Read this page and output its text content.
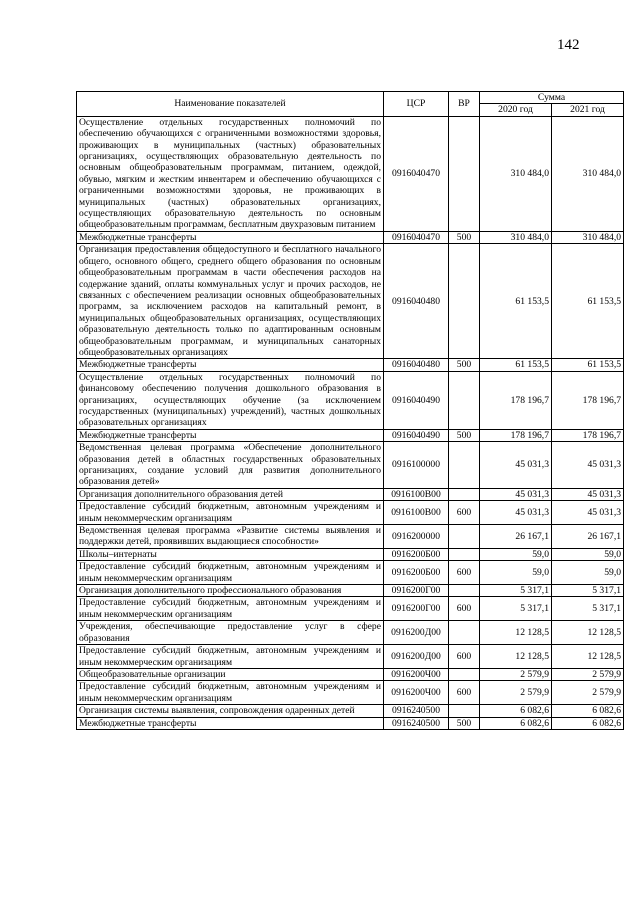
142
Наименование показателей	ЦСР	ВР	Сумма	
			2020 год	2021 год
Осуществление отдельных государственных полномочий по обеспечению обучающихся с ограниченными возможностями здоровья, проживающих в муниципальных (частных) образовательных организациях, осуществляющих образовательную деятельность по основным общеобразовательным программам, питанием, одеждой, обувью, мягким и жестким инвентарем и обеспечению обучающихся с ограниченными возможностями здоровья, не проживающих в муниципальных (частных) образовательных организациях, осуществляющих образовательную деятельность по основным общеобразовательным программам, бесплатным двухразовым питанием	0916040470		310 484,0	310 484,0
Межбюджетные трансферты	0916040470	500	310 484,0	310 484,0
Организация предоставления общедоступного и бесплатного начального общего, основного общего, среднего общего образования по основным общеобразовательным программам в части обеспечения расходов на содержание зданий, оплаты коммунальных услуг и прочих расходов, не связанных с обеспечением реализации основных общеобразовательных программ, за исключением расходов на капитальный ремонт, в муниципальных общеобразовательных организациях, осуществляющих образовательную деятельность только по адаптированным основным общеобразовательным программам, и муниципальных санаторных общеобразовательных организациях	0916040480		61 153,5	61 153,5
Межбюджетные трансферты	0916040480	500	61 153,5	61 153,5
Осуществление отдельных государственных полномочий по финансовому обеспечению получения дошкольного образования в организациях, осуществляющих обучение (за исключением государственных (муниципальных) учреждений), частных дошкольных образовательных организациях	0916040490		178 196,7	178 196,7
Межбюджетные трансферты	0916040490	500	178 196,7	178 196,7
Ведомственная целевая программа «Обеспечение дополнительного образования детей в областных государственных образовательных организациях, создание условий для развития дополнительного образования детей»	0916100000		45 031,3	45 031,3
Организация дополнительного образования детей	0916100В00		45 031,3	45 031,3
Предоставление субсидий бюджетным, автономным учреждениям и иным некоммерческим организациям	0916100В00	600	45 031,3	45 031,3
Ведомственная целевая программа «Развитие системы выявления и поддержки детей, проявивших выдающиеся способности»	0916200000		26 167,1	26 167,1
Школы–интернаты	0916200Б00		59,0	59,0
Предоставление субсидий бюджетным, автономным учреждениям и иным некоммерческим организациям	0916200Б00	600	59,0	59,0
Организация дополнительного профессионального образования	0916200Г00		5 317,1	5 317,1
Предоставление субсидий бюджетным, автономным учреждениям и иным некоммерческим организациям	0916200Г00	600	5 317,1	5 317,1
Учреждения, обеспечивающие предоставление услуг в сфере образования	0916200Д00		12 128,5	12 128,5
Предоставление субсидий бюджетным, автономным учреждениям и иным некоммерческим организациям	0916200Д00	600	12 128,5	12 128,5
Общеобразовательные организации	0916200Ч00		2 579,9	2 579,9
Предоставление субсидий бюджетным, автономным учреждениям и иным некоммерческим организациям	0916200Ч00	600	2 579,9	2 579,9
Организация системы выявления, сопровождения одаренных детей	0916240500		6 082,6	6 082,6
Межбюджетные трансферты	0916240500	500	6 082,6	6 082,6
